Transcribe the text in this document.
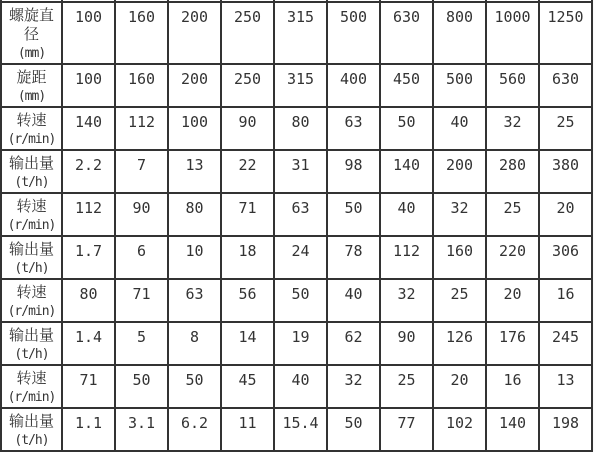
螺旋直径
(mm)	100	160	200	250	315	500	630	800	1000	1250

旋距
(mm)	100	160	200	250	315	400	450	500	560	630

转速
(r/min)	140	112	100	90	80	63	50	40	32	25

输出量
(t/h)	2.2	7	13	22	31	98	140	200	280	380

转速
(r/min)	112	90	80	71	63	50	40	32	25	20

输出量
(t/h)	1.7	6	10	18	24	78	112	160	220	306

转速
(r/min)	80	71	63	56	50	40	32	25	20	16

输出量
(t/h)	1.4	5	8	14	19	62	90	126	176	245

转速
(r/min)	71	50	50	45	40	32	25	20	16	13

输出量
(t/h)	1.1	3.1	6.2	11	15.4	50	77	102	140	198
